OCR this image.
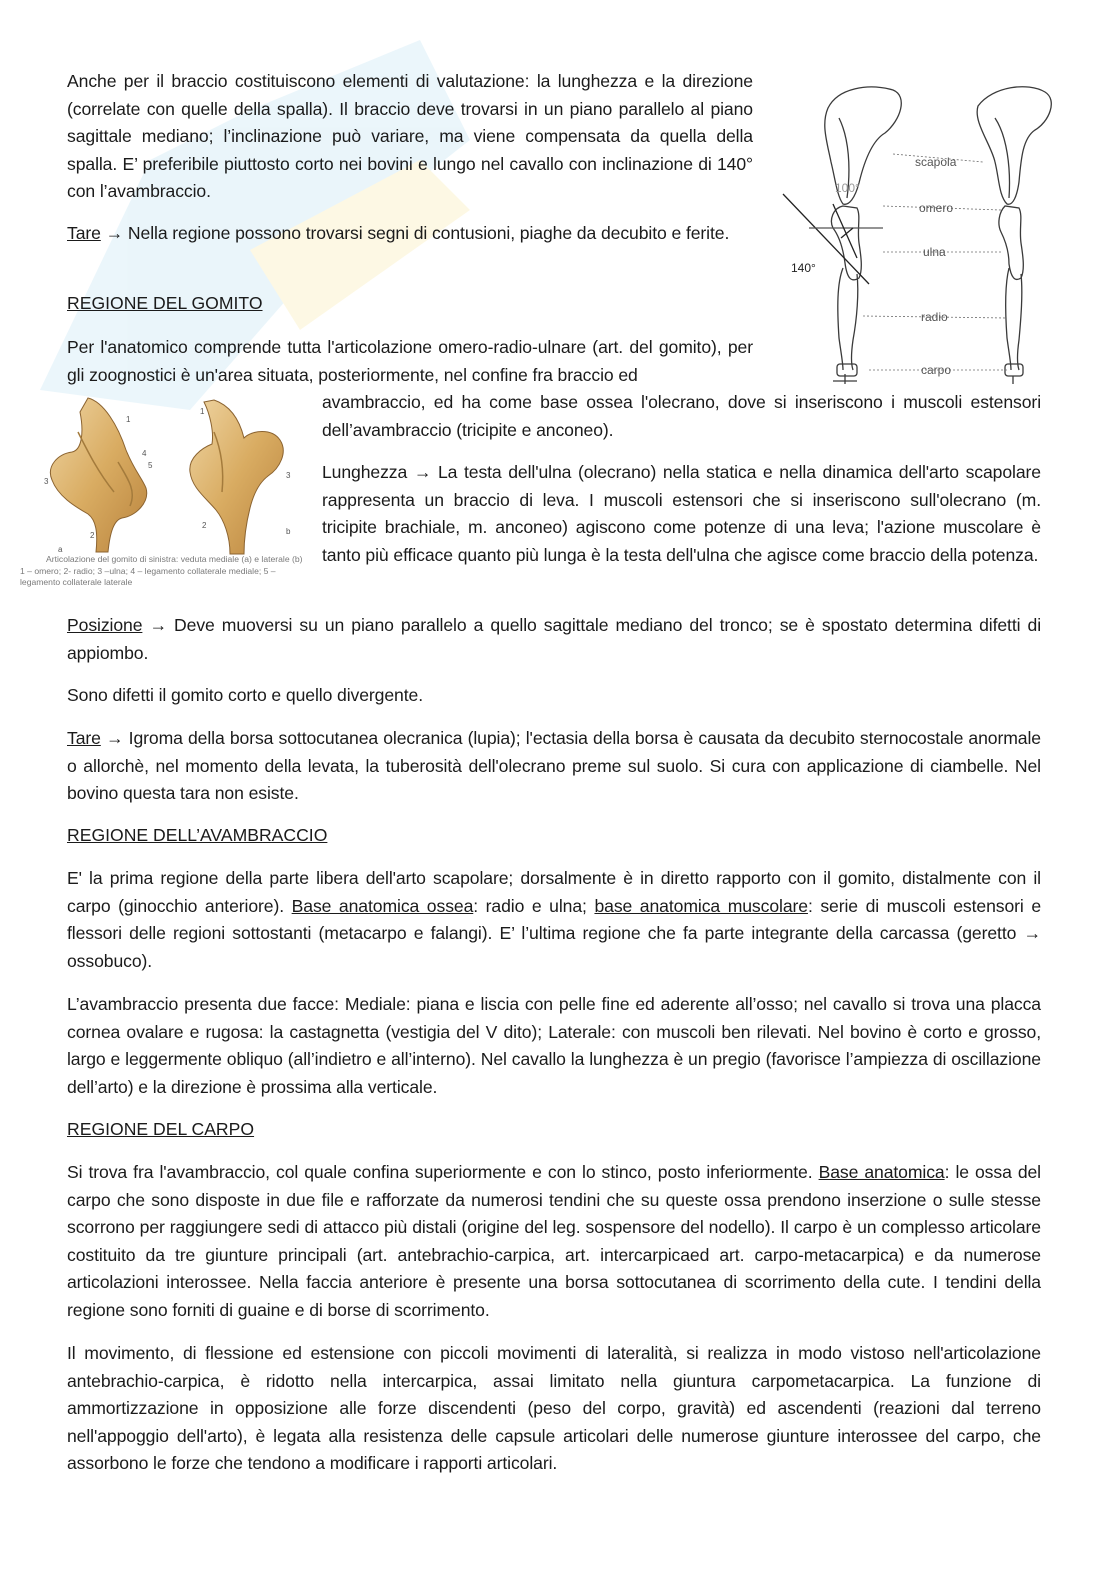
scapola
omero
ulna
radio
carpo
100°
140°
1
4
5
3
2
a
1
3
2
b

Articolazione del gomito di sinistra: veduta mediale (a) e laterale (b)

1 – omero; 2- radio; 3 –ulna; 4 – legamento collaterale mediale; 5 – legamento collaterale laterale

Anche per il braccio costituiscono elementi di valutazione: la lunghezza e la direzione (correlate con quelle della spalla). Il braccio deve trovarsi in un piano parallelo al piano sagittale mediano; l’inclinazione può variare, ma viene compensata da quella della spalla. E’ preferibile piuttosto corto nei bovini e lungo nel cavallo con inclinazione di 140° con l’avambraccio.

Tare → Nella regione possono trovarsi segni di contusioni, piaghe da decubito e ferite.

REGIONE DEL GOMITO

Per l'anatomico comprende tutta l'articolazione omero-radio-ulnare (art. del gomito), per gli zoognostici è un'area situata, posteriormente, nel confine fra braccio ed

avambraccio, ed ha come base ossea l'olecrano, dove si inseriscono i muscoli estensori dell’avambraccio (tricipite e anconeo).

Lunghezza → La testa dell'ulna (olecrano) nella statica e nella dinamica dell'arto scapolare rappresenta un braccio di leva. I muscoli estensori che si inseriscono sull'olecrano (m. tricipite brachiale, m. anconeo) agiscono come potenze di una leva; l'azione muscolare è tanto più efficace quanto più lunga è la testa dell'ulna che agisce come braccio della potenza.

Posizione → Deve muoversi su un piano parallelo a quello sagittale mediano del tronco; se è spostato determina difetti di appiombo.

Sono difetti il gomito corto e quello divergente.

Tare → Igroma della borsa sottocutanea olecranica (lupia); l'ectasia della borsa è causata da decubito sternocostale anormale o allorchè, nel momento della levata, la tuberosità dell'olecrano preme sul suolo. Si cura con applicazione di ciambelle. Nel bovino questa tara non esiste.

REGIONE DELL’AVAMBRACCIO

E' la prima regione della parte libera dell'arto scapolare; dorsalmente è in diretto rapporto con il gomito, distalmente con il carpo (ginocchio anteriore). Base anatomica ossea: radio e ulna; base anatomica muscolare: serie di muscoli estensori e flessori delle regioni sottostanti (metacarpo e falangi). E’ l’ultima regione che fa parte integrante della carcassa (geretto → ossobuco).

L’avambraccio presenta due facce: Mediale: piana e liscia con pelle fine ed aderente all’osso; nel cavallo si trova una placca cornea ovalare e rugosa: la castagnetta (vestigia del V dito); Laterale: con muscoli ben rilevati. Nel bovino è corto e grosso, largo e leggermente obliquo (all’indietro e all’interno). Nel cavallo la lunghezza è un pregio (favorisce l’ampiezza di oscillazione dell’arto) e la direzione è prossima alla verticale.

REGIONE DEL CARPO

Si trova fra l'avambraccio, col quale confina superiormente e con lo stinco, posto inferiormente. Base anatomica: le ossa del carpo che sono disposte in due file e rafforzate da numerosi tendini che su queste ossa prendono inserzione o sulle stesse scorrono per raggiungere sedi di attacco più distali (origine del leg. sospensore del nodello). Il carpo è un complesso articolare costituito da tre giunture principali (art. antebrachio-carpica, art. intercarpicaed art. carpo-metacarpica) e da numerose articolazioni interossee. Nella faccia anteriore è presente una borsa sottocutanea di scorrimento della cute. I tendini della regione sono forniti di guaine e di borse di scorrimento.

Il movimento, di flessione ed estensione con piccoli movimenti di lateralità, si realizza in modo vistoso nell'articolazione antebrachio-carpica, è ridotto nella intercarpica, assai limitato nella giuntura carpometacarpica. La funzione di ammortizzazione in opposizione alle forze discendenti (peso del corpo, gravità) ed ascendenti (reazioni dal terreno nell'appoggio dell'arto), è legata alla resistenza delle capsule articolari delle numerose giunture interossee del carpo, che assorbono le forze che tendono a modificare i rapporti articolari.
